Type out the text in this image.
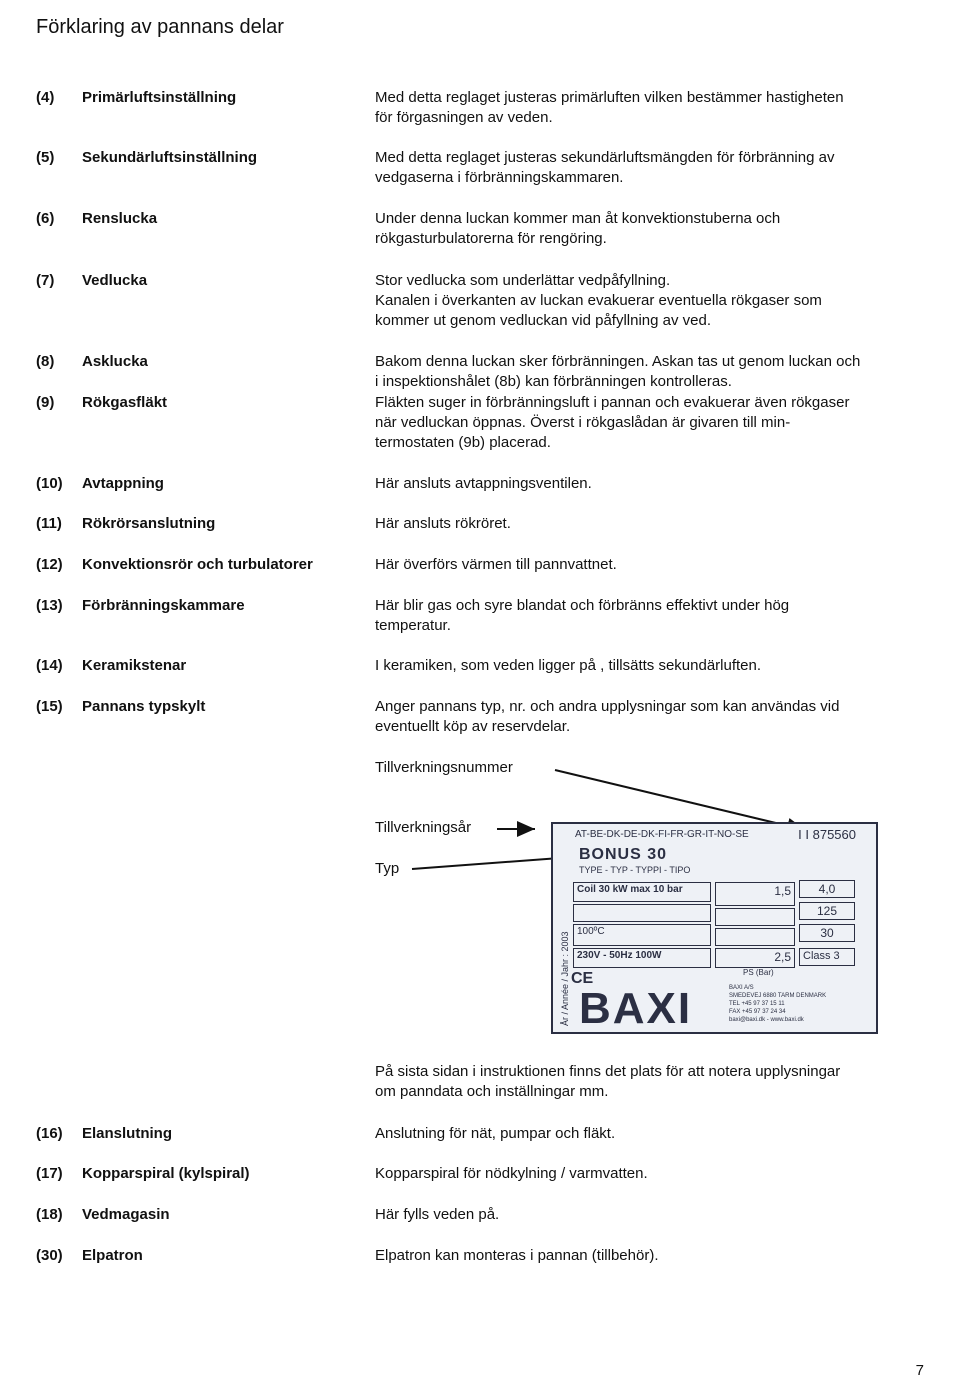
Förklaring av pannans delar
(4) Primärluftsinställning	Med detta reglaget justeras primärluften vilken bestämmer hastigheten
för förgasningen av veden.
(5) Sekundärluftsinställning	Med detta reglaget justeras sekundärluftsmängden för förbränning av
vedgaserna i förbränningskammaren.
(6) Renslucka	Under denna luckan kommer man åt konvektionstuberna och
rökgasturbulatorerna för rengöring.
(7) Vedlucka	Stor vedlucka som underlättar vedpåfyllning.
Kanalen i överkanten av luckan evakuerar eventuella rökgaser som
kommer ut genom vedluckan vid påfyllning av ved.
(8) Asklucka	Bakom denna luckan sker förbränningen. Askan tas ut genom luckan och
i inspektionshålet (8b) kan förbränningen kontrolleras.
(9) Rökgasfläkt	Fläkten suger in förbränningsluft i pannan och evakuerar även rökgaser
när vedluckan öppnas. Överst i rökgaslådan är givaren till min-
termostaten (9b) placerad.
(10) Avtappning	Här ansluts avtappningsventilen.
(11) Rökrörsanslutning	Här ansluts rökröret.
(12) Konvektionsrör och turbulatorer	Här överförs värmen till pannvattnet.
(13) Förbränningskammare	Här blir gas och syre blandat och förbränns effektivt under hög
temperatur.
(14) Keramikstenar	I keramiken, som veden ligger på , tillsätts sekundärluften.
(15) Pannans typskylt	Anger pannans typ, nr. och andra upplysningar som kan användas vid
eventuellt köp av reservdelar.
(16) Elanslutning	Anslutning för nät, pumpar och fläkt.
(17) Kopparspiral (kylspiral)	Kopparspiral för nödkylning / varmvatten.
(18) Vedmagasin	Här fylls veden på.
(30) Elpatron	Elpatron kan monteras i pannan (tillbehör).
Tillverkningsnummer
Tillverkningsår
Typ
År / Année / Jahr : 2003
AT-BE-DK-DE-DK-FI-FR-GR-IT-NO-SE	I I 875560
BONUS 30
TYPE - TYP - TYPPI - TIPO
Coil 30 kW max 10 bar
100ºC
230V - 50Hz 100W
1,5
2,5
4,0
125
30
Class 3
PS (Bar)
CE
BAXI	BAXI A/S
SMEDEVEJ 6880 TARM DENMARK
TEL +45 97 37 15 11
FAX +45 97 37 24 34
baxi@baxi.dk - www.baxi.dk
På sista sidan i instruktionen finns det plats för att notera upplysningar
om panndata och inställningar mm.
7
